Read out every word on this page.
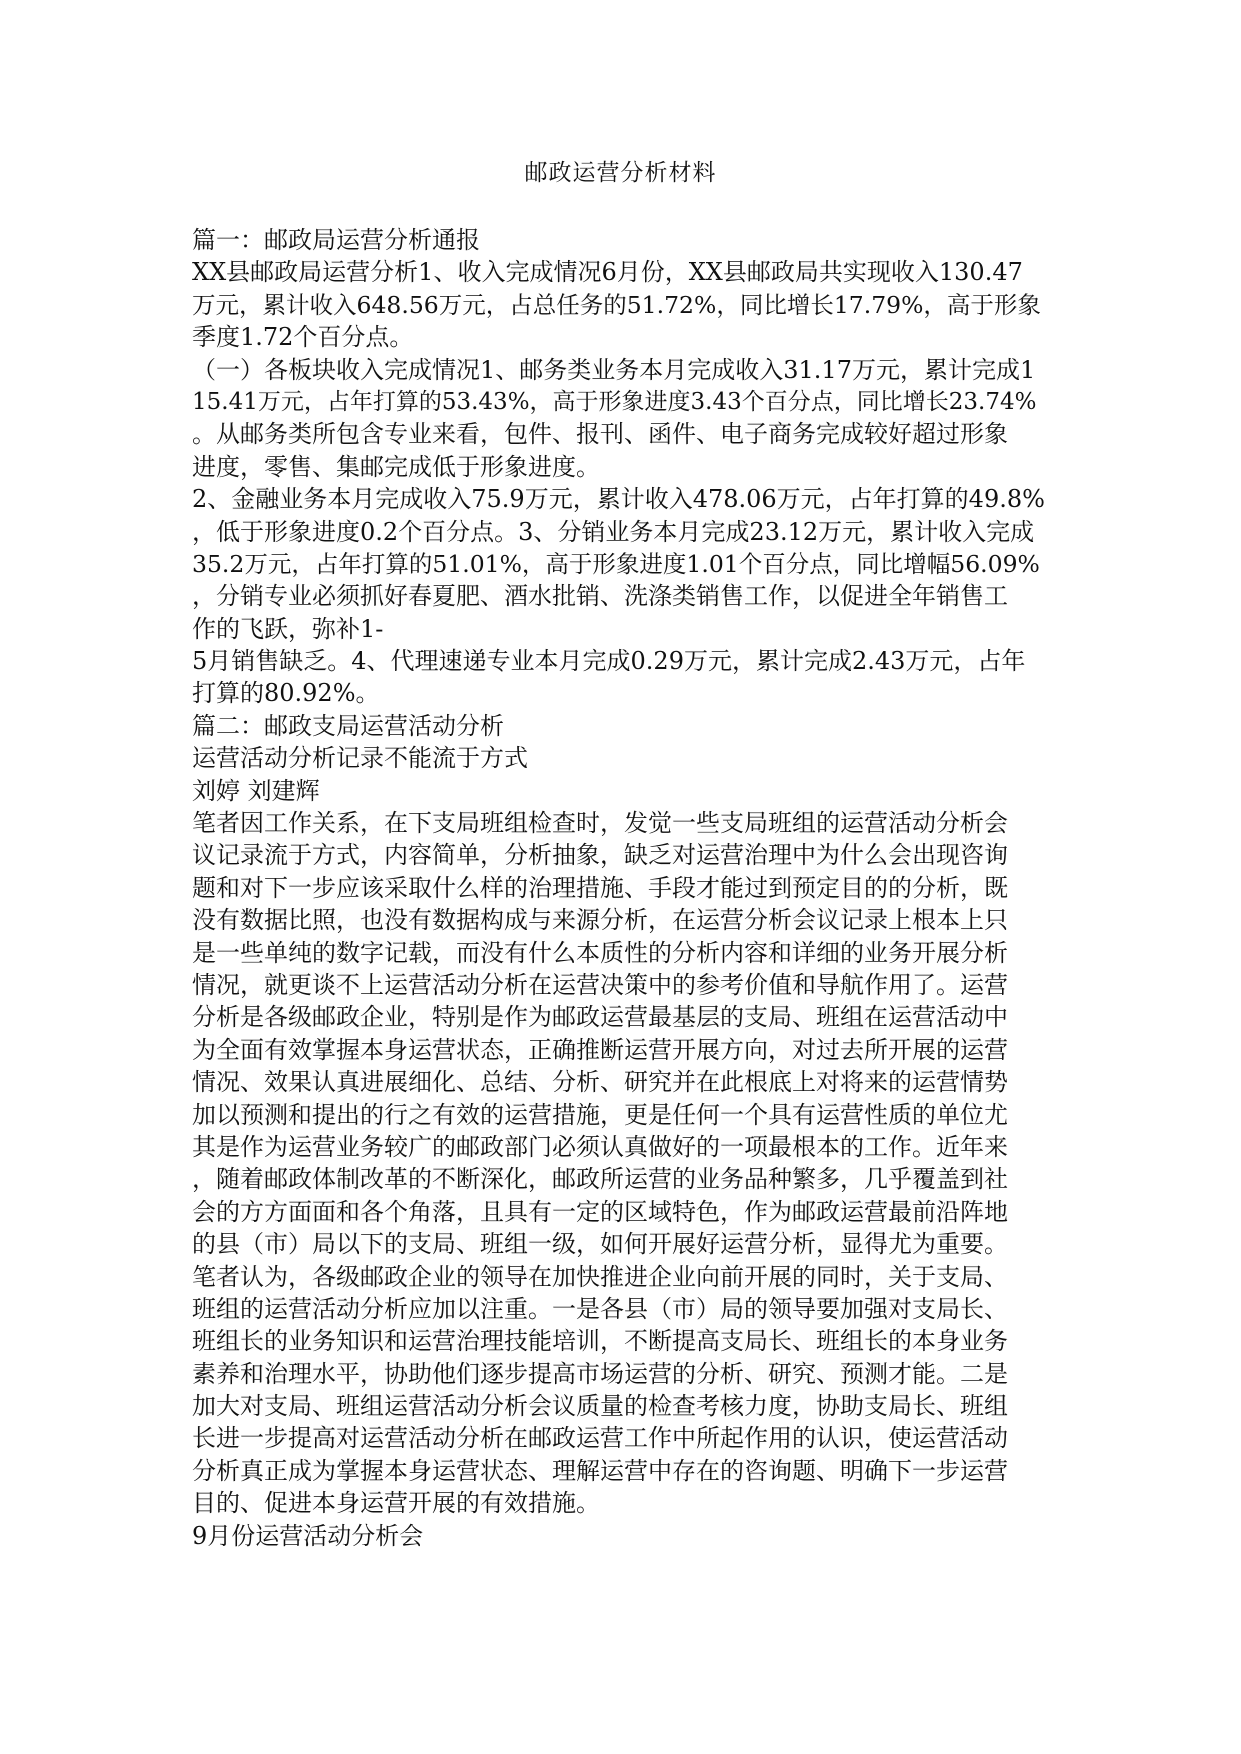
邮政运营分析材料
篇一：邮政局运营分析通报
XX县邮政局运营分析1、收入完成情况6月份，XX县邮政局共实现收入130.47
万元，累计收入648.56万元，占总任务的51.72%，同比增长17.79%，高于形象
季度1.72个百分点。
（一）各板块收入完成情况1、邮务类业务本月完成收入31.17万元，累计完成1
15.41万元，占年打算的53.43%，高于形象进度3.43个百分点，同比增长23.74%
。从邮务类所包含专业来看，包件、报刊、函件、电子商务完成较好超过形象
进度，零售、集邮完成低于形象进度。
2、金融业务本月完成收入75.9万元，累计收入478.06万元，占年打算的49.8%
，低于形象进度0.2个百分点。3、分销业务本月完成23.12万元，累计收入完成
35.2万元，占年打算的51.01%，高于形象进度1.01个百分点，同比增幅56.09%
，分销专业必须抓好春夏肥、酒水批销、洗涤类销售工作，以促进全年销售工
作的飞跃，弥补1-
5月销售缺乏。4、代理速递专业本月完成0.29万元，累计完成2.43万元，占年
打算的80.92%。
篇二：邮政支局运营活动分析
运营活动分析记录不能流于方式
刘婷 刘建辉
笔者因工作关系，在下支局班组检查时，发觉一些支局班组的运营活动分析会
议记录流于方式，内容简单，分析抽象，缺乏对运营治理中为什么会出现咨询
题和对下一步应该采取什么样的治理措施、手段才能过到预定目的的分析，既
没有数据比照，也没有数据构成与来源分析，在运营分析会议记录上根本上只
是一些单纯的数字记载，而没有什么本质性的分析内容和详细的业务开展分析
情况，就更谈不上运营活动分析在运营决策中的参考价值和导航作用了。运营
分析是各级邮政企业，特别是作为邮政运营最基层的支局、班组在运营活动中
为全面有效掌握本身运营状态，正确推断运营开展方向，对过去所开展的运营
情况、效果认真进展细化、总结、分析、研究并在此根底上对将来的运营情势
加以预测和提出的行之有效的运营措施，更是任何一个具有运营性质的单位尤
其是作为运营业务较广的邮政部门必须认真做好的一项最根本的工作。近年来
，随着邮政体制改革的不断深化，邮政所运营的业务品种繁多，几乎覆盖到社
会的方方面面和各个角落，且具有一定的区域特色，作为邮政运营最前沿阵地
的县（市）局以下的支局、班组一级，如何开展好运营分析，显得尤为重要。
笔者认为，各级邮政企业的领导在加快推进企业向前开展的同时，关于支局、
班组的运营活动分析应加以注重。一是各县（市）局的领导要加强对支局长、
班组长的业务知识和运营治理技能培训，不断提高支局长、班组长的本身业务
素养和治理水平，协助他们逐步提高市场运营的分析、研究、预测才能。二是
加大对支局、班组运营活动分析会议质量的检查考核力度，协助支局长、班组
长进一步提高对运营活动分析在邮政运营工作中所起作用的认识，使运营活动
分析真正成为掌握本身运营状态、理解运营中存在的咨询题、明确下一步运营
目的、促进本身运营开展的有效措施。
9月份运营活动分析会
